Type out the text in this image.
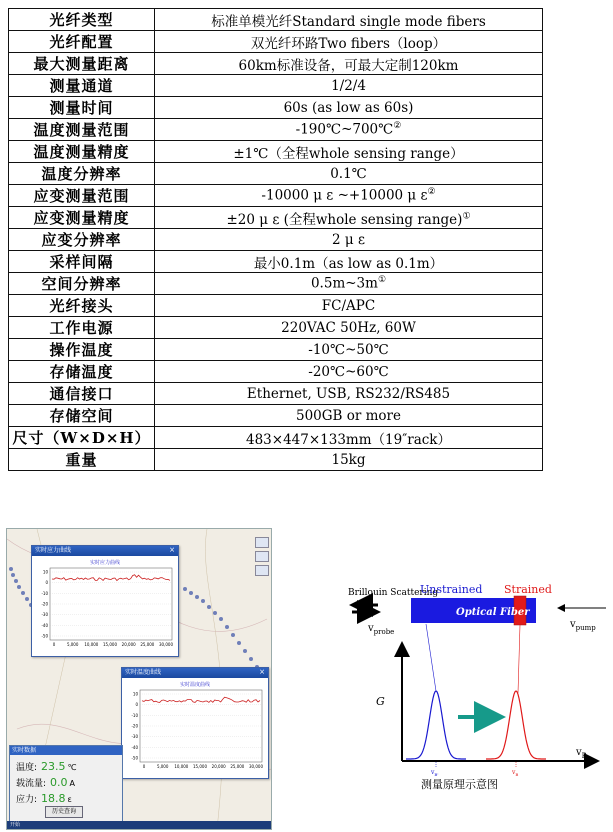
光纤类型	标准单模光纤Standard single mode fibers
光纤配置	双光纤环路Two fibers（loop）
最大测量距离	60km标准设备，可最大定制120km
测量通道	1/2/4
测量时间	60s (as low as 60s)
温度测量范围	-190℃~700℃②
温度测量精度	±1℃（全程whole sensing range）
温度分辨率	0.1℃
应变测量范围	-10000 μ ε ~+10000 μ ε②
应变测量精度	±20 μ ε (全程whole sensing range)①
应变分辨率	2 μ ε
采样间隔	最小0.1m（as low as 0.1m）
空间分辨率	0.5m~3m①
光纤接头	FC/APC
工作电源	220VAC 50Hz, 60W
操作温度	-10℃~50℃
存储温度	-20℃~60℃
通信接口	Ethernet, USB, RS232/RS485
存储空间	500GB or more
尺寸（W×D×H）	483×447×133mm（19″rack）
重量	15kg
实时应力曲线	×
实时应力曲线
10
0
-10
-20
-30
-40
-50
0	5,000 10,000 15,000 20,000 25,000 30,000
实时温度曲线	×
实时温度曲线
10
0
-10
-20
-30
-40
-50
0	5,000 10,000 15,000 20,000 25,000 30,000
实时数据
温度: 23.5 ℃
载流量: 0.0 A
应力: 18.8 ε
历史查询
开始
Brillouin Scattering
Unstrained Strained
$v_{probe}$
Optical Fiber
$v_{pump}$
G
$v_B$
$v_{B'}$	$v_B$
测量原理示意图
